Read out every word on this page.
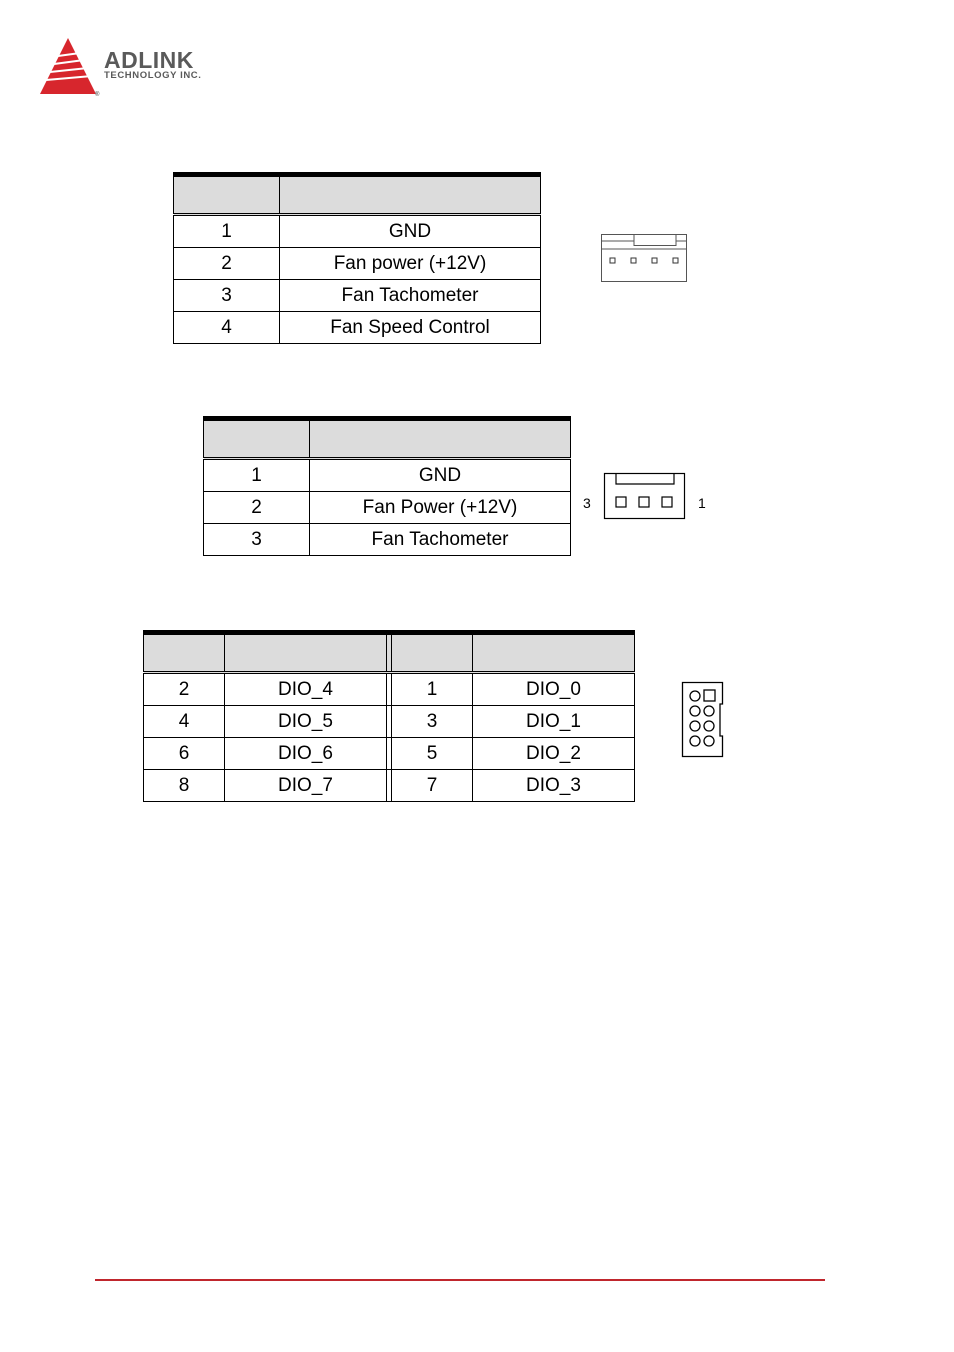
®
ADLINK
TECHNOLOGY INC.

1	GND
2	Fan power (+12V)
3	Fan Tachometer
4	Fan Speed Control

1	GND
2	Fan Power (+12V)
3	Fan Tachometer
3	1

2	DIO_4		1	DIO_0
4	DIO_5		3	DIO_1
6	DIO_6		5	DIO_2
8	DIO_7		7	DIO_3
